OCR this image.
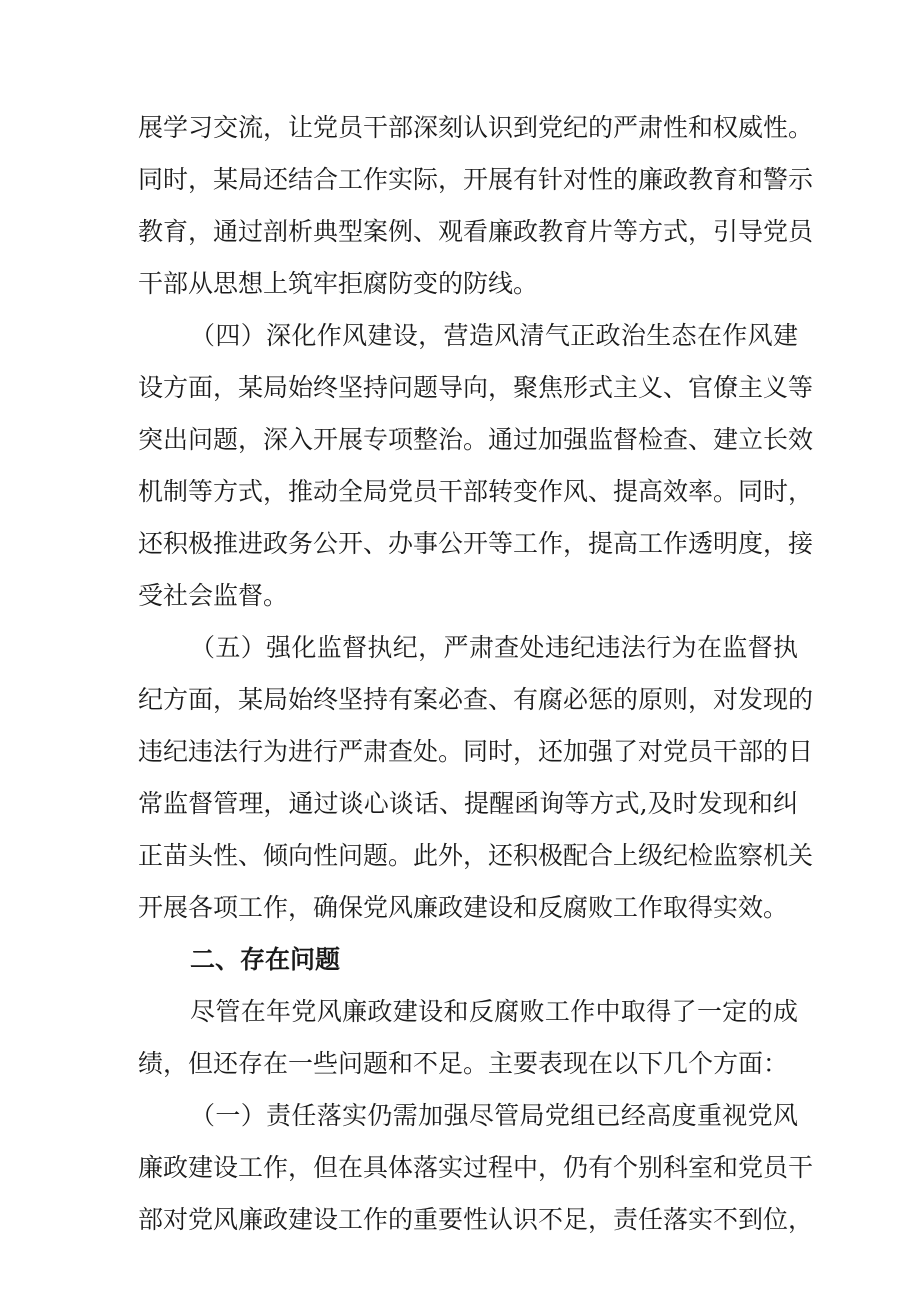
展学习交流，让党员干部深刻认识到党纪的严肃性和权威性。
同时，某局还结合工作实际，开展有针对性的廉政教育和警示
教育，通过剖析典型案例、观看廉政教育片等方式，引导党员
干部从思想上筑牢拒腐防变的防线。
（四）深化作风建设，营造风清气正政治生态在作风建
设方面，某局始终坚持问题导向，聚焦形式主义、官僚主义等
突出问题，深入开展专项整治。通过加强监督检查、建立长效
机制等方式，推动全局党员干部转变作风、提高效率。同时，
还积极推进政务公开、办事公开等工作，提高工作透明度，接
受社会监督。
（五）强化监督执纪，严肃查处违纪违法行为在监督执
纪方面，某局始终坚持有案必查、有腐必惩的原则，对发现的
违纪违法行为进行严肃查处。同时，还加强了对党员干部的日
常监督管理，通过谈心谈话、提醒函询等方式,及时发现和纠
正苗头性、倾向性问题。此外，还积极配合上级纪检监察机关
开展各项工作，确保党风廉政建设和反腐败工作取得实效。
二、存在问题
尽管在年党风廉政建设和反腐败工作中取得了一定的成
绩，但还存在一些问题和不足。主要表现在以下几个方面：
（一）责任落实仍需加强尽管局党组已经高度重视党风
廉政建设工作，但在具体落实过程中，仍有个别科室和党员干
部对党风廉政建设工作的重要性认识不足，责任落实不到位，
